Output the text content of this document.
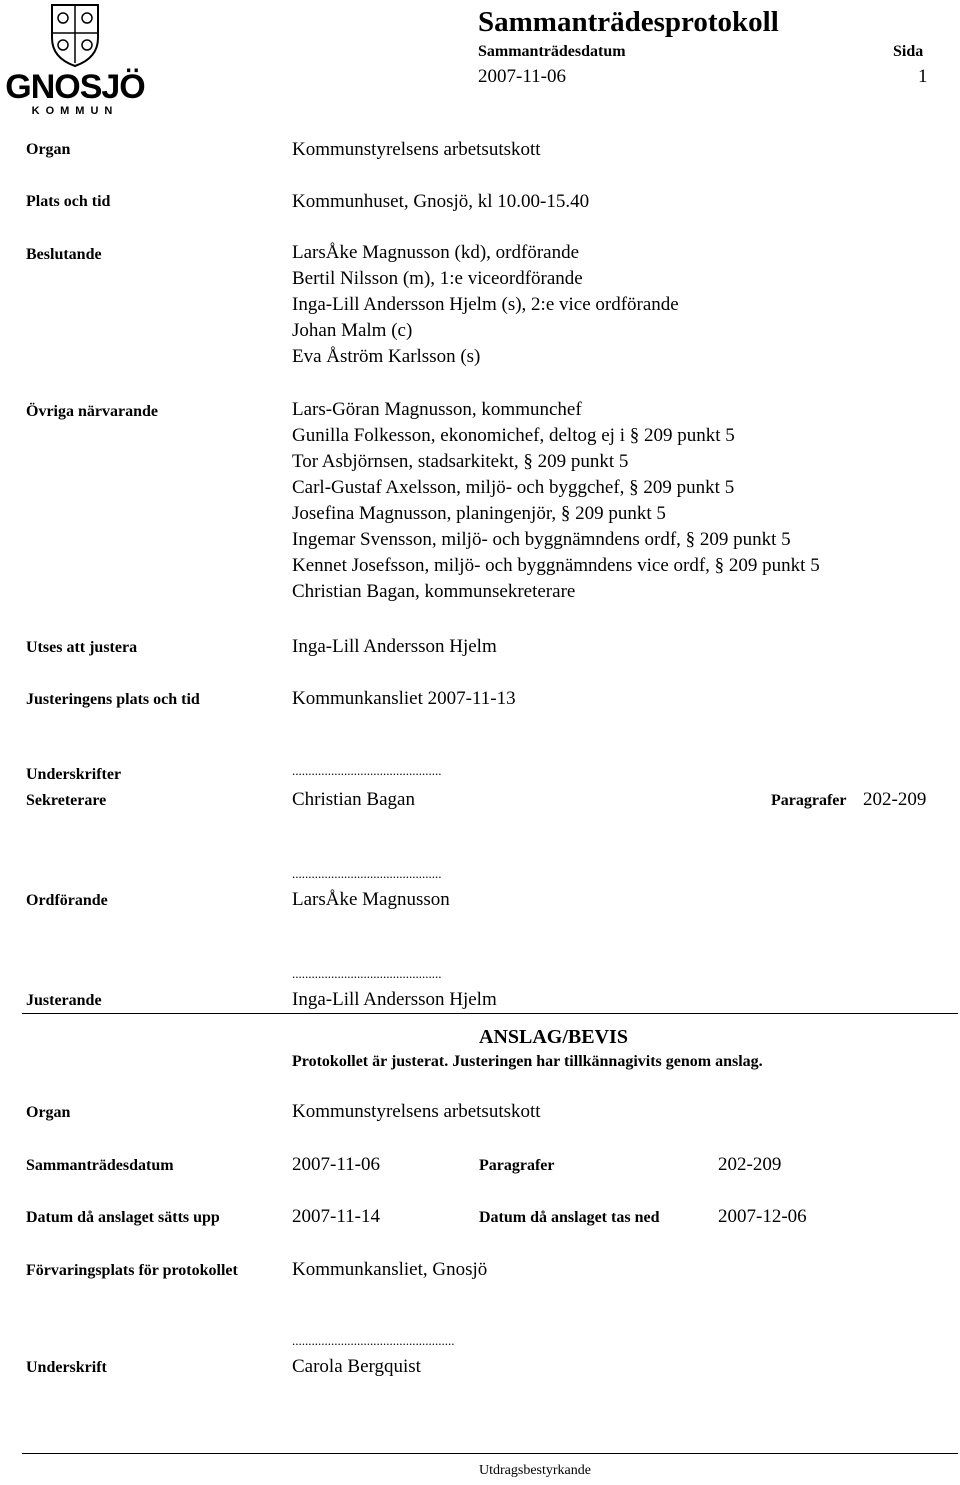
GNOSJÖ
KOMMUN
Sammanträdesprotokoll
Sammanträdesdatum	Sida
2007-11-06	1
Organ	Kommunstyrelsens arbetsutskott
Plats och tid	Kommunhuset, Gnosjö, kl 10.00-15.40
Beslutande	LarsÅke Magnusson (kd), ordförande
Bertil Nilsson (m), 1:e viceordförande
Inga-Lill Andersson Hjelm (s), 2:e vice ordförande
Johan Malm (c)
Eva Åström Karlsson (s)
Övriga närvarande	Lars-Göran Magnusson, kommunchef
Gunilla Folkesson, ekonomichef, deltog ej i § 209 punkt 5
Tor Asbjörnsen, stadsarkitekt, § 209 punkt 5
Carl-Gustaf Axelsson, miljö- och byggchef, § 209 punkt 5
Josefina Magnusson, planingenjör, § 209 punkt 5
Ingemar Svensson, miljö- och byggnämndens ordf, § 209 punkt 5
Kennet Josefsson, miljö- och byggnämndens vice ordf, § 209 punkt 5
Christian Bagan, kommunsekreterare
Utses att justera	Inga-Lill Andersson Hjelm
Justeringens plats och tid	Kommunkansliet 2007-11-13
Underskrifter	..............................................
Sekreterare	Christian Bagan	Paragrafer 202-209
..............................................
Ordförande	LarsÅke Magnusson
..............................................
Justerande	Inga-Lill Andersson Hjelm
ANSLAG/BEVIS
Protokollet är justerat. Justeringen har tillkännagivits genom anslag.
Organ	Kommunstyrelsens arbetsutskott
Sammanträdesdatum	2007-11-06	Paragrafer	202-209
Datum då anslaget sätts upp	2007-11-14	Datum då anslaget tas ned	2007-12-06
Förvaringsplats för protokollet	Kommunkansliet, Gnosjö
..................................................
Underskrift	Carola Bergquist
Utdragsbestyrkande
